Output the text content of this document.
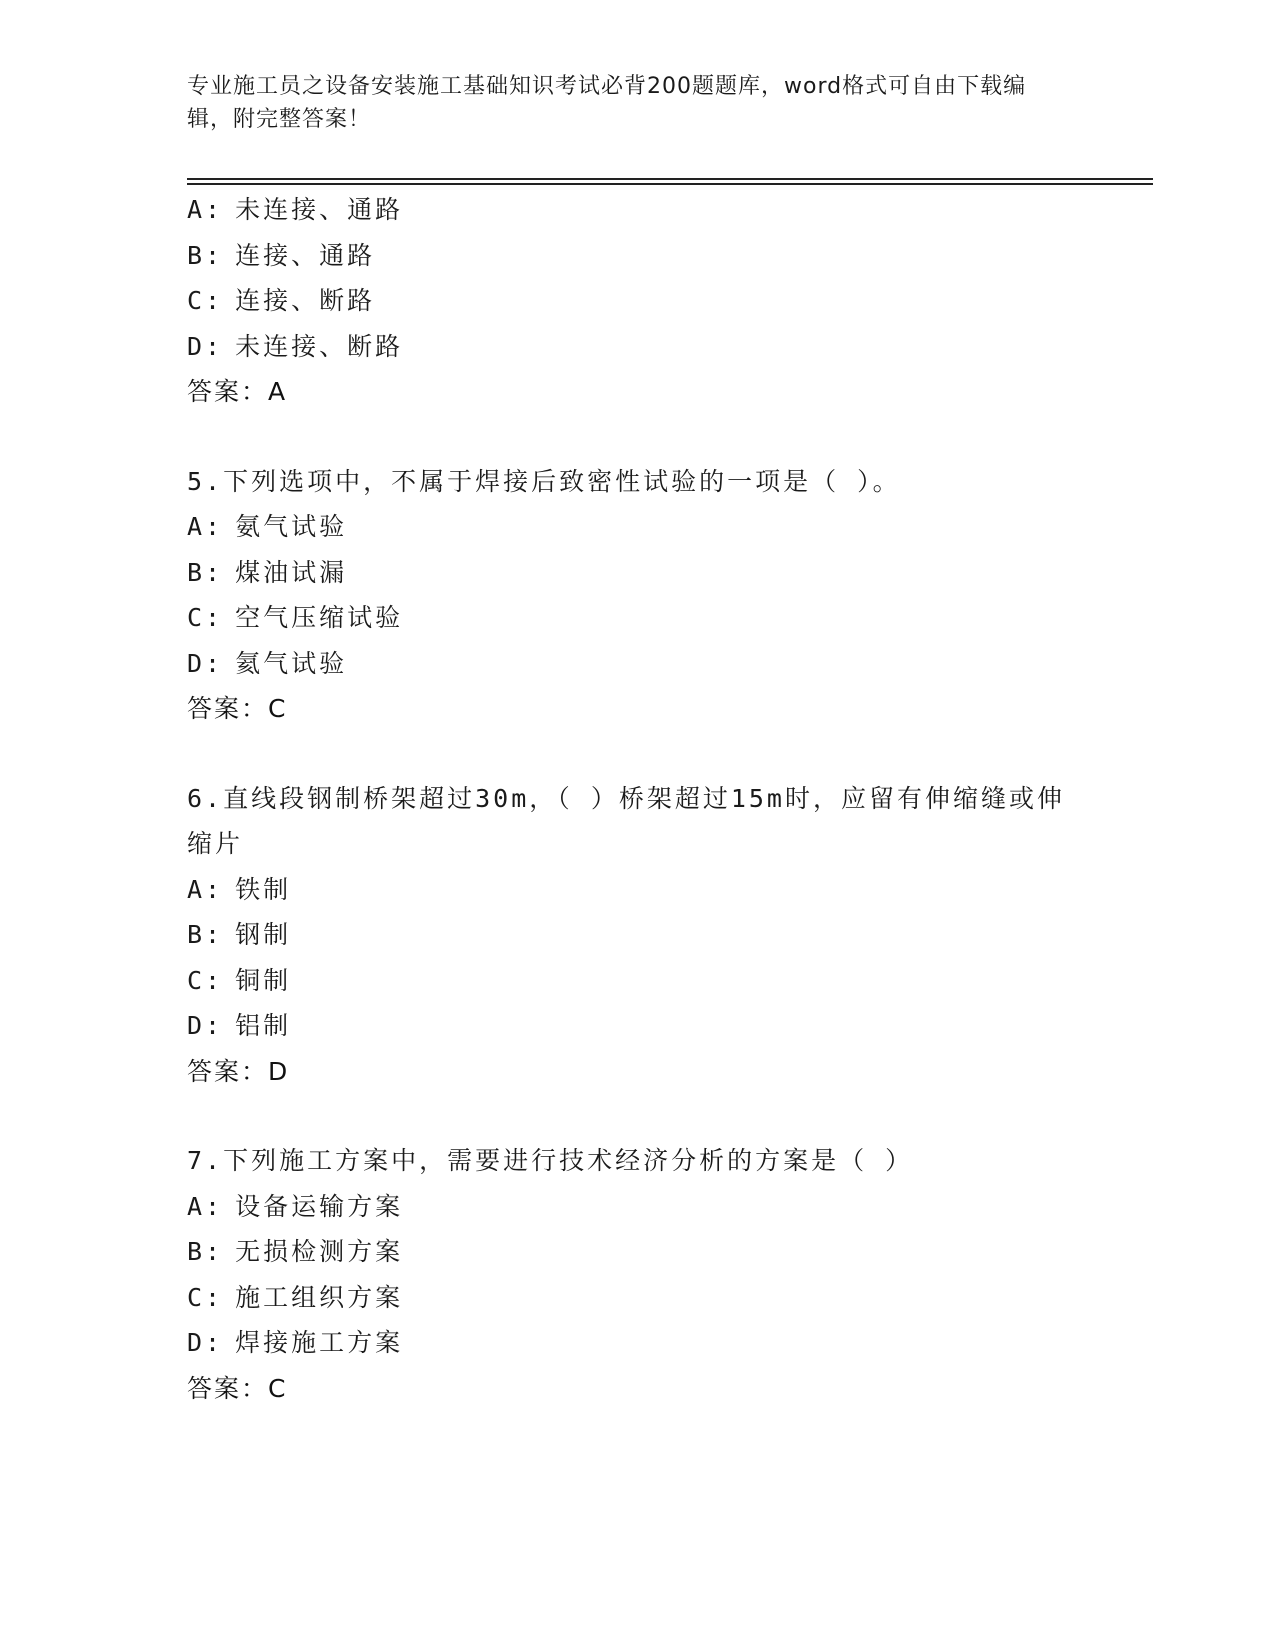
专业施工员之设备安装施工基础知识考试必背200题题库，word格式可自由下载编辑，附完整答案！
A: 未连接、通路
B: 连接、通路
C: 连接、断路
D: 未连接、断路
答案：A
5.下列选项中，不属于焊接后致密性试验的一项是（ ）。
A: 氨气试验
B: 煤油试漏
C: 空气压缩试验
D: 氦气试验
答案：C
6.直线段钢制桥架超过30m，（ ）桥架超过15m时，应留有伸缩缝或伸缩片
A: 铁制
B: 钢制
C: 铜制
D: 铝制
答案：D
7.下列施工方案中，需要进行技术经济分析的方案是（ ）
A: 设备运输方案
B: 无损检测方案
C: 施工组织方案
D: 焊接施工方案
答案：C
